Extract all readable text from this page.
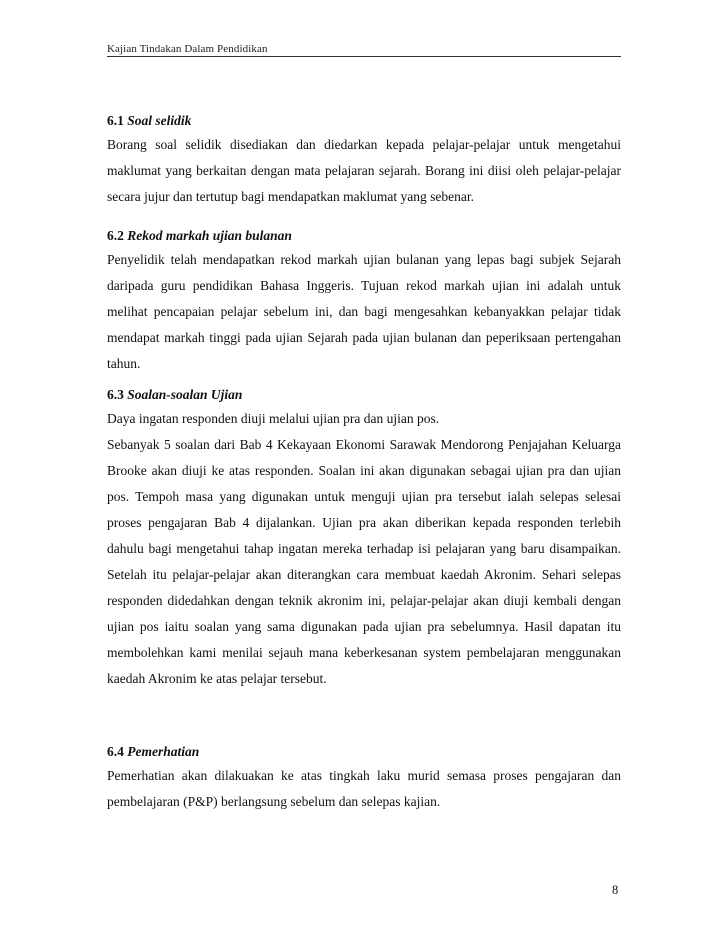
Kajian Tindakan Dalam Pendidikan
6.1 Soal selidik

Borang soal selidik disediakan dan diedarkan kepada pelajar-pelajar untuk mengetahui maklumat yang berkaitan dengan mata pelajaran sejarah. Borang ini diisi oleh pelajar-pelajar secara jujur dan tertutup bagi mendapatkan maklumat yang sebenar.

6.2 Rekod markah ujian bulanan

Penyelidik telah mendapatkan rekod markah ujian bulanan yang lepas bagi subjek Sejarah daripada guru pendidikan Bahasa Inggeris. Tujuan rekod markah ujian ini adalah untuk melihat pencapaian pelajar sebelum ini, dan bagi mengesahkan kebanyakkan pelajar tidak mendapat markah tinggi pada ujian Sejarah pada ujian bulanan dan peperiksaan pertengahan tahun.

6.3 Soalan-soalan Ujian

Daya ingatan responden diuji melalui ujian pra dan ujian pos.

Sebanyak 5 soalan dari Bab 4 Kekayaan Ekonomi Sarawak Mendorong Penjajahan Keluarga Brooke akan diuji ke atas responden. Soalan ini akan digunakan sebagai ujian pra dan ujian pos. Tempoh masa yang digunakan untuk menguji ujian pra tersebut ialah selepas selesai proses pengajaran Bab 4 dijalankan. Ujian pra akan diberikan kepada responden terlebih dahulu bagi mengetahui tahap ingatan mereka terhadap isi pelajaran yang baru disampaikan. Setelah itu pelajar-pelajar akan diterangkan cara membuat kaedah Akronim. Sehari selepas responden didedahkan dengan teknik akronim ini, pelajar-pelajar akan diuji kembali dengan ujian pos iaitu soalan yang sama digunakan pada ujian pra sebelumnya. Hasil dapatan itu membolehkan kami menilai sejauh mana keberkesanan system pembelajaran menggunakan kaedah Akronim ke atas pelajar tersebut.

6.4 Pemerhatian

Pemerhatian akan dilakuakan ke atas tingkah laku murid semasa proses pengajaran dan pembelajaran (P&P) berlangsung sebelum dan selepas kajian.

8
